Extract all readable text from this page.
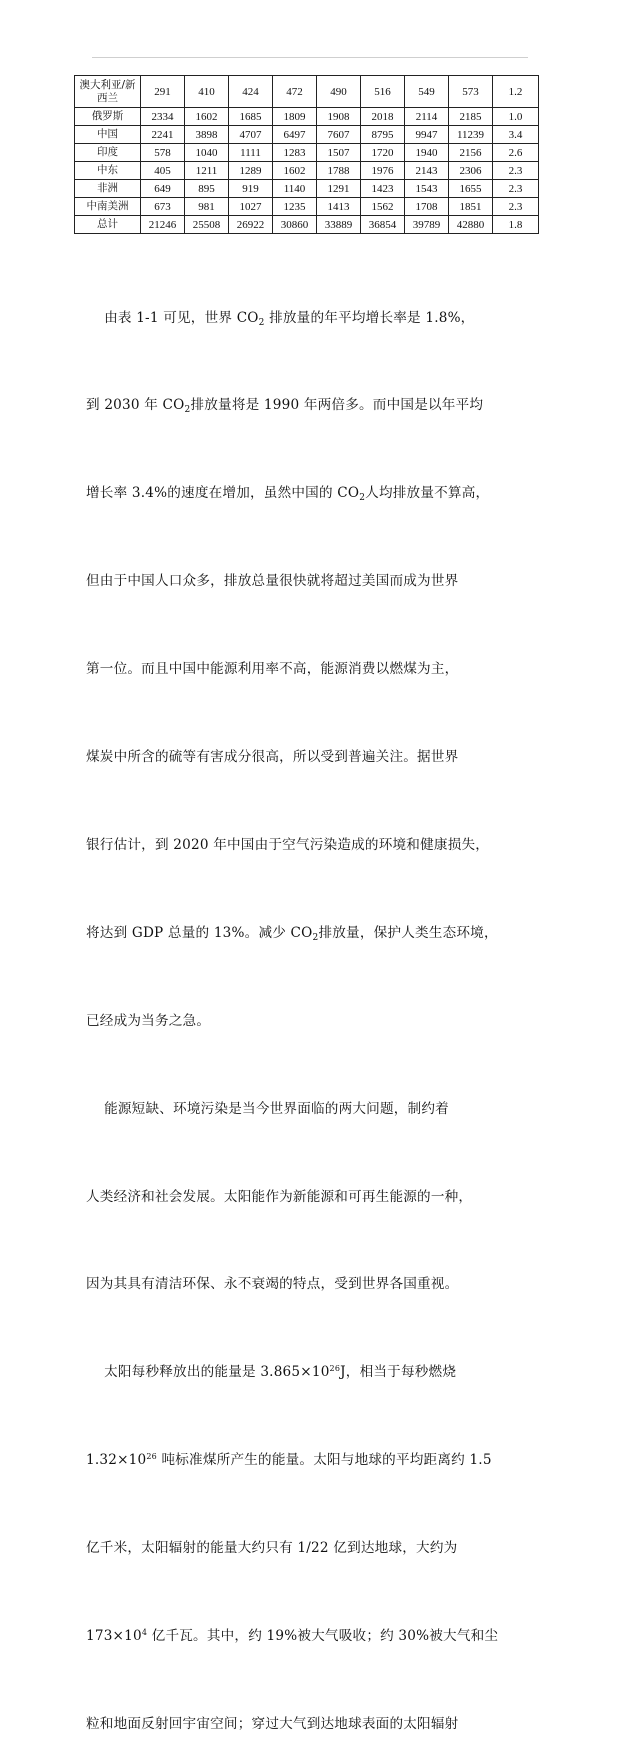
澳大利亚/新西兰	291	410	424	472	490	516	549	573	1.2
俄罗斯	2334	1602	1685	1809	1908	2018	2114	2185	1.0
中国	2241	3898	4707	6497	7607	8795	9947	11239	3.4
印度	578	1040	1111	1283	1507	1720	1940	2156	2.6
中东	405	1211	1289	1602	1788	1976	2143	2306	2.3
非洲	649	895	919	1140	1291	1423	1543	1655	2.3
中南美洲	673	981	1027	1235	1413	1562	1708	1851	2.3
总计	21246	25508	26922	30860	33889	36854	39789	42880	1.8

由表 1-1 可见，世界 $CO_2$ 排放量的年平均增长率是 1.8%，

到 2030 年 $CO_2$排放量将是 1990 年两倍多。而中国是以年平均

增长率 3.4%的速度在增加，虽然中国的 $CO_2$人均排放量不算高，

但由于中国人口众多，排放总量很快就将超过美国而成为世界

第一位。而且中国中能源利用率不高，能源消费以燃煤为主，

煤炭中所含的硫等有害成分很高，所以受到普遍关注。据世界

银行估计，到 2020 年中国由于空气污染造成的环境和健康损失，

将达到 GDP 总量的 13%。减少 $CO_2$排放量，保护人类生态环境，

已经成为当务之急。

能源短缺、环境污染是当今世界面临的两大问题，制约着

人类经济和社会发展。太阳能作为新能源和可再生能源的一种，

因为其具有清洁环保、永不衰竭的特点，受到世界各国重视。

太阳每秒释放出的能量是 $3.865\times 10^{26}J$，相当于每秒燃烧

$1.32\times 10^{26}$ 吨标准煤所产生的能量。太阳与地球的平均距离约 1.5

亿千米，太阳辐射的能量大约只有 1/22 亿到达地球，大约为

$173\times 10^4$ 亿千瓦。其中，约 19%被大气吸收；约 30%被大气和尘

粒和地面反射回宇宙空间；穿过大气到达地球表面的太阳辐射
